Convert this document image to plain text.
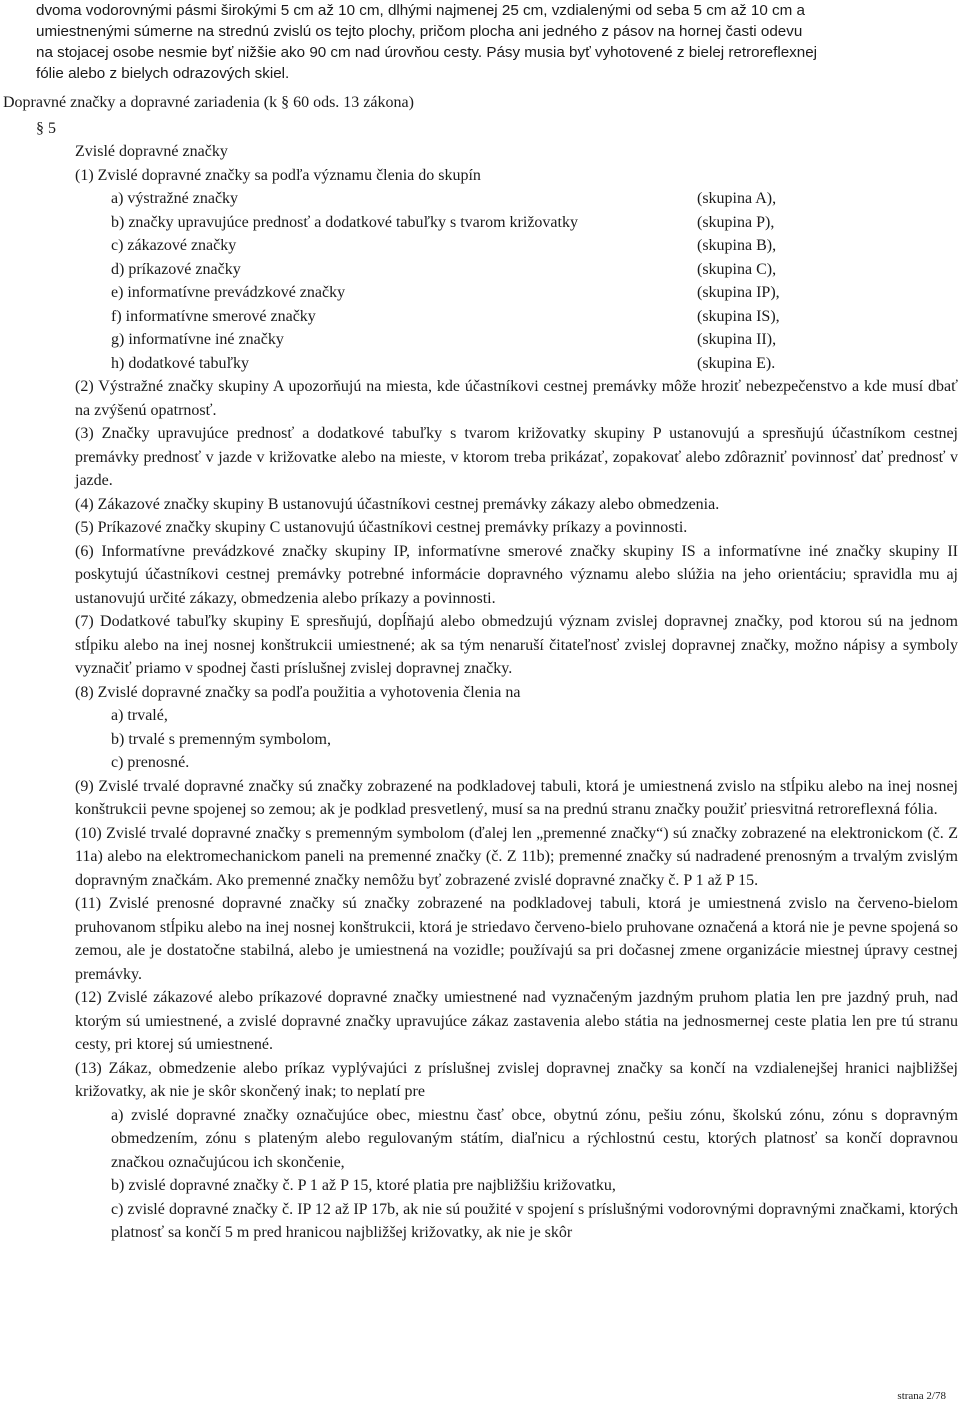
dvoma vodorovnými pásmi širokými 5 cm až 10 cm, dlhými najmenej 25 cm, vzdialenými od seba 5 cm až 10 cm a
umiestnenými súmerne na strednú zvislú os tejto plochy, pričom plocha ani jedného z pásov na hornej časti odevu
na stojacej osobe nesmie byť nižšie ako 90 cm nad úrovňou cesty. Pásy musia byť vyhotovené z bielej retroreflexnej
fólie alebo z bielych odrazových skiel.
Dopravné značky a dopravné zariadenia (k § 60 ods. 13 zákona)
§ 5

Zvislé dopravné značky

(1) Zvislé dopravné značky sa podľa významu členia do skupín

a) výstražné značky	(skupina A),
b) značky upravujúce prednosť a dodatkové tabuľky s tvarom križovatky	(skupina P),
c) zákazové značky	(skupina B),
d) príkazové značky	(skupina C),
e) informatívne prevádzkové značky	(skupina IP),
f) informatívne smerové značky	(skupina IS),
g) informatívne iné značky	(skupina II),
h) dodatkové tabuľky	(skupina E).

(2) Výstražné značky skupiny A upozorňujú na miesta, kde účastníkovi cestnej premávky môže hroziť nebezpečenstvo a kde musí dbať na zvýšenú opatrnosť.

(3) Značky upravujúce prednosť a dodatkové tabuľky s tvarom križovatky skupiny P ustanovujú a spresňujú účastníkom cestnej premávky prednosť v jazde v križovatke alebo na mieste, v ktorom treba prikázať, zopakovať alebo zdôrazniť povinnosť dať prednosť v jazde.

(4) Zákazové značky skupiny B ustanovujú účastníkovi cestnej premávky zákazy alebo obmedzenia.

(5) Príkazové značky skupiny C ustanovujú účastníkovi cestnej premávky príkazy a povinnosti.

(6) Informatívne prevádzkové značky skupiny IP, informatívne smerové značky skupiny IS a informatívne iné značky skupiny II poskytujú účastníkovi cestnej premávky potrebné informácie dopravného významu alebo slúžia na jeho orientáciu; spravidla mu aj ustanovujú určité zákazy, obmedzenia alebo príkazy a povinnosti.

(7) Dodatkové tabuľky skupiny E spresňujú, dopĺňajú alebo obmedzujú význam zvislej dopravnej značky, pod ktorou sú na jednom stĺpiku alebo na inej nosnej konštrukcii umiestnené; ak sa tým nenaruší čitateľnosť zvislej dopravnej značky, možno nápisy a symboly vyznačiť priamo v spodnej časti príslušnej zvislej dopravnej značky.

(8) Zvislé dopravné značky sa podľa použitia a vyhotovenia členia na

a) trvalé,

b) trvalé s premenným symbolom,

c) prenosné.

(9) Zvislé trvalé dopravné značky sú značky zobrazené na podkladovej tabuli, ktorá je umiestnená zvislo na stĺpiku alebo na inej nosnej konštrukcii pevne spojenej so zemou; ak je podklad presvetlený, musí sa na prednú stranu značky použiť priesvitná retroreflexná fólia.

(10) Zvislé trvalé dopravné značky s premenným symbolom (ďalej len „premenné značky“) sú značky zobrazené na elektronickom (č. Z 11a) alebo na elektromechanickom paneli na premenné značky (č. Z 11b); premenné značky sú nadradené prenosným a trvalým zvislým dopravným značkám. Ako premenné značky nemôžu byť zobrazené zvislé dopravné značky č. P 1 až P 15.

(11) Zvislé prenosné dopravné značky sú značky zobrazené na podkladovej tabuli, ktorá je umiestnená zvislo na červeno-bielom pruhovanom stĺpiku alebo na inej nosnej konštrukcii, ktorá je striedavo červeno-bielo pruhovane označená a ktorá nie je pevne spojená so zemou, ale je dostatočne stabilná, alebo je umiestnená na vozidle; používajú sa pri dočasnej zmene organizácie miestnej úpravy cestnej premávky.

(12) Zvislé zákazové alebo príkazové dopravné značky umiestnené nad vyznačeným jazdným pruhom platia len pre jazdný pruh, nad ktorým sú umiestnené, a zvislé dopravné značky upravujúce zákaz zastavenia alebo státia na jednosmernej ceste platia len pre tú stranu cesty, pri ktorej sú umiestnené.

(13) Zákaz, obmedzenie alebo príkaz vyplývajúci z príslušnej zvislej dopravnej značky sa končí na vzdialenejšej hranici najbližšej križovatky, ak nie je skôr skončený inak; to neplatí pre

a) zvislé dopravné značky označujúce obec, miestnu časť obce, obytnú zónu, pešiu zónu, školskú zónu, zónu s dopravným obmedzením, zónu s plateným alebo regulovaným státím, diaľnicu a rýchlostnú cestu, ktorých platnosť sa končí dopravnou značkou označujúcou ich skončenie,

b) zvislé dopravné značky č. P 1 až P 15, ktoré platia pre najbližšiu križovatku,

c) zvislé dopravné značky č. IP 12 až IP 17b, ak nie sú použité v spojení s príslušnými vodorovnými dopravnými značkami, ktorých platnosť sa končí 5 m pred hranicou najbližšej križovatky, ak nie je skôr

strana 2/78
